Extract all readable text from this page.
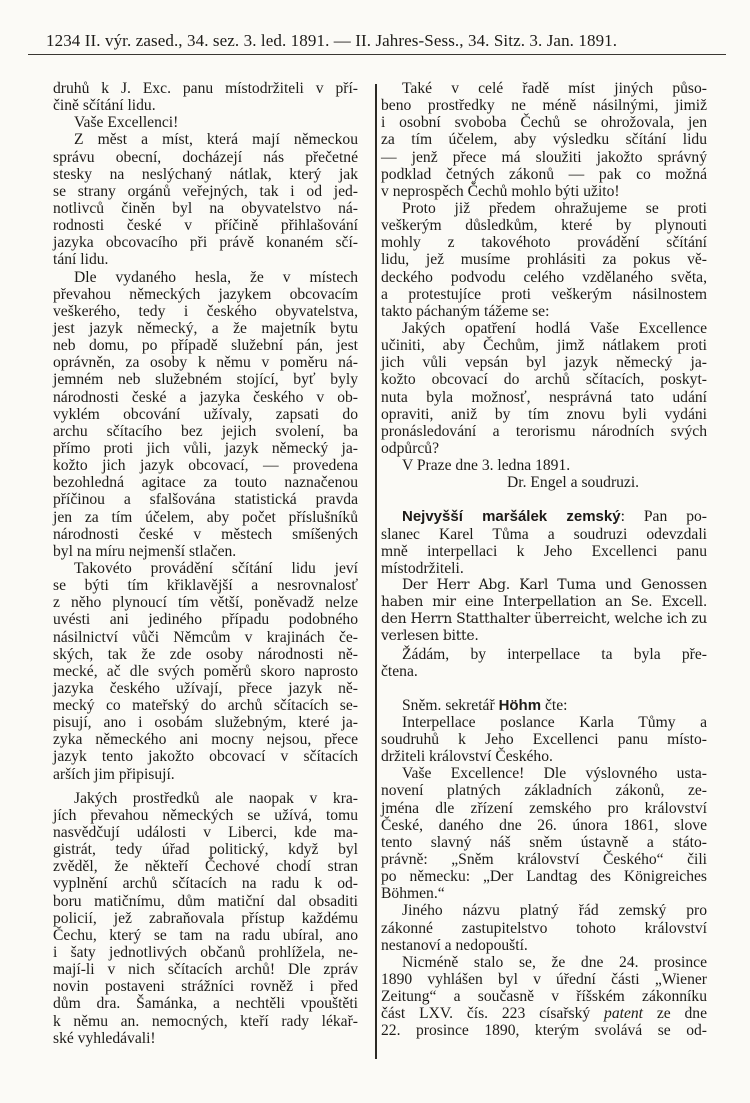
1234 II. výr. zased., 34. sez. 3. led. 1891. — II. Jahres-Sess., 34. Sitz. 3. Jan. 1891.
druhů k J. Exc. panu místodržiteli v pří-
čině sčítání lidu.
Vaše Excellenci!
Z měst a míst, která mají německou
správu obecní, docházejí nás přečetné
stesky na neslýchaný nátlak, který jak
se strany orgánů veřejných, tak i od jed-
notlivců činěn byl na obyvatelstvo ná-
rodnosti české v příčině přihlašování
jazyka obcovacího při právě konaném sčí-
tání lidu.
Dle vydaného hesla, že v místech
převahou německých jazykem obcovacím
veškerého, tedy i českého obyvatelstva,
jest jazyk německý, a že majetník bytu
neb domu, po případě služební pán, jest
oprávněn, za osoby k němu v poměru ná-
jemném neb služebném stojící, byť byly
národnosti české a jazyka českého v ob-
vyklém obcování užívaly, zapsati do
archu sčítacího bez jejich svolení, ba
přímo proti jich vůli, jazyk německý ja-
kožto jich jazyk obcovací, — provedena
bezohledná agitace za touto naznačenou
příčinou a sfalšována statistická pravda
jen za tím účelem, aby počet příslušníků
národnosti české v městech smíšených
byl na míru nejmenší stlačen.
Takovéto provádění sčítání lidu jeví
se býti tím křiklavější a nesrovnalosť
z něho plynoucí tím větší, poněvadž nelze
uvésti ani jediného případu podobného
násilnictví vůči Němcům v krajinách če-
ských, tak že zde osoby národnosti ně-
mecké, ač dle svých poměrů skoro naprosto
jazyka českého užívají, přece jazyk ně-
mecký co mateřský do archů sčítacích se-
pisují, ano i osobám služebným, které ja-
zyka německého ani mocny nejsou, přece
jazyk tento jakožto obcovací v sčítacích
arších jim připisují.
Jakých prostředků ale naopak v kra-
jích převahou německých se užívá, tomu
nasvědčují události v Liberci, kde ma-
gistrát, tedy úřad politický, když byl
zvěděl, že někteří Čechové chodí stran
vyplnění archů sčítacích na radu k od-
boru matičnímu, dům matiční dal obsaditi
policií, jež zabraňovala přístup každému
Čechu, který se tam na radu ubíral, ano
i šaty jednotlivých občanů prohlížela, ne-
mají-li v nich sčítacích archů! Dle zpráv
novin postaveni strážníci rovněž i před
dům dra. Šamánka, a nechtěli vpouštěti
k němu an. nemocných, kteří rady lékař-
ské vyhledávali!
Také v celé řadě míst jiných půso-
beno prostředky ne méně násilnými, jimiž
i osobní svoboba Čechů se ohrožovala, jen
za tím účelem, aby výsledku sčítání lidu
— jenž přece má sloužiti jakožto správný
podklad četných zákonů — pak co možná
v neprospěch Čechů mohlo býti užito!
Proto již předem ohražujeme se proti
veškerým důsledkům, které by plynouti
mohly z takovéhoto provádění sčítání
lidu, jež musíme prohlásiti za pokus vě-
deckého podvodu celého vzdělaného světa,
a protestujíce proti veškerým násilnostem
takto páchaným tážeme se:
Jakých opatření hodlá Vaše Excellence
učiniti, aby Čechům, jimž nátlakem proti
jich vůli vepsán byl jazyk německý ja-
kožto obcovací do archů sčítacích, poskyt-
nuta byla možnosť, nesprávná tato udání
opraviti, aniž by tím znovu byli vydáni
pronásledování a terorismu národních svých
odpůrců?
V Praze dne 3. ledna 1891.
Dr. Engel a soudruzi.
Nejvyšší maršálek zemský: Pan po-
slanec Karel Tůma a soudruzi odevzdali
mně interpellaci k Jeho Excellenci panu
místodržiteli.
Der Herr Abg. Karl Tuma und Genossen
haben mir eine Interpellation an Se. Excell.
den Herrn Statthalter überreicht, welche ich zu
verlesen bitte.
Žádám, by interpellace ta byla pře-
čtena.
Sněm. sekretář Höhm čte:
Interpellace poslance Karla Tůmy a
soudruhů k Jeho Excellenci panu místo-
držiteli království Českého.
Vaše Excellence! Dle výslovného usta-
novení platných základních zákonů, ze-
jména dle zřízení zemského pro království
České, daného dne 26. února 1861, slove
tento slavný náš sněm ústavně a státo-
právně: „Sněm království Českého“ čili
po německu: „Der Landtag des Königreiches
Böhmen.“
Jiného názvu platný řád zemský pro
zákonné zastupitelstvo tohoto království
nestanoví a nedopouští.
Nicméně stalo se, že dne 24. prosince
1890 vyhlášen byl v úřední části „Wiener
Zeitung“ a současně v říšském zákonníku
část LXV. čís. 223 císařský patent ze dne
22. prosince 1890, kterým svolává se od-
